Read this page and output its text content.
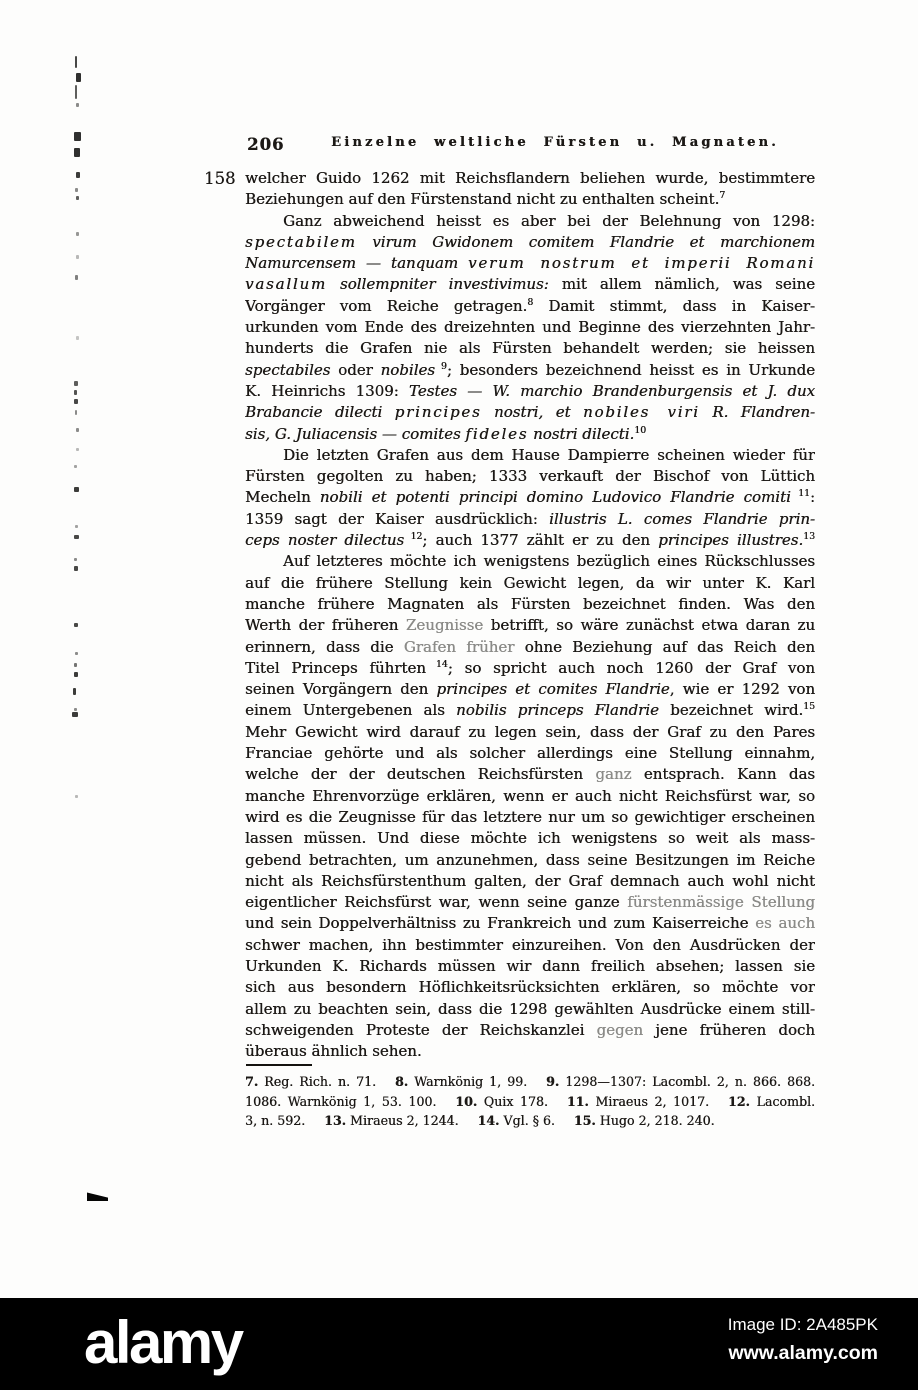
206	Einzelne weltliche Fürsten u. Magnaten.
158 welcher Guido 1262 mit Reichsflandern beliehen wurde, bestimmtere
Beziehungen auf den Fürstenstand nicht zu enthalten scheint.$^7$
Ganz abweichend heisst es aber bei der Belehnung von 1298:
spectabilem virum Gwidonem comitem Flandrie et marchionem
Namurcensem — tanquam verum nostrum et imperii Romani
vasallum sollempniter investivimus: mit allem nämlich, was seine
Vorgänger vom Reiche getragen.$^8$ Damit stimmt, dass in Kaiser-
urkunden vom Ende des dreizehnten und Beginne des vierzehnten Jahr-
hunderts die Grafen nie als Fürsten behandelt werden; sie heissen
spectabiles oder nobiles $^9$; besonders bezeichnend heisst es in Urkunde
K. Heinrichs 1309: Testes — W. marchio Brandenburgensis et J. dux
Brabancie dilecti principes nostri, et nobiles viri R. Flandren-
sis, G. Juliacensis — comites fideles nostri dilecti.$^{10}$
Die letzten Grafen aus dem Hause Dampierre scheinen wieder für
Fürsten gegolten zu haben; 1333 verkauft der Bischof von Lüttich
Mecheln nobili et potenti principi domino Ludovico Flandrie comiti $^{11}$:
1359 sagt der Kaiser ausdrücklich: illustris L. comes Flandrie prin-
ceps noster dilectus $^{12}$; auch 1377 zählt er zu den principes illustres.$^{13}$
Auf letzteres möchte ich wenigstens bezüglich eines Rückschlusses
auf die frühere Stellung kein Gewicht legen, da wir unter K. Karl
manche frühere Magnaten als Fürsten bezeichnet finden. Was den
Werth der früheren Zeugnisse betrifft, so wäre zunächst etwa daran zu
erinnern, dass die Grafen früher ohne Beziehung auf das Reich den
Titel Princeps führten $^{14}$; so spricht auch noch 1260 der Graf von
seinen Vorgängern den principes et comites Flandrie, wie er 1292 von
einem Untergebenen als nobilis princeps Flandrie bezeichnet wird.$^{15}$
Mehr Gewicht wird darauf zu legen sein, dass der Graf zu den Pares
Franciae gehörte und als solcher allerdings eine Stellung einnahm,
welche der der deutschen Reichsfürsten ganz entsprach. Kann das
manche Ehrenvorzüge erklären, wenn er auch nicht Reichsfürst war, so
wird es die Zeugnisse für das letztere nur um so gewichtiger erscheinen
lassen müssen. Und diese möchte ich wenigstens so weit als mass-
gebend betrachten, um anzunehmen, dass seine Besitzungen im Reiche
nicht als Reichsfürstenthum galten, der Graf demnach auch wohl nicht
eigentlicher Reichsfürst war, wenn seine ganze fürstenmässige Stellung
und sein Doppelverhältniss zu Frankreich und zum Kaiserreiche es auch
schwer machen, ihn bestimmter einzureihen. Von den Ausdrücken der
Urkunden K. Richards müssen wir dann freilich absehen; lassen sie
sich aus besondern Höflichkeitsrücksichten erklären, so möchte vor
allem zu beachten sein, dass die 1298 gewählten Ausdrücke einem still-
schweigenden Proteste der Reichskanzlei gegen jene früheren doch
überaus ähnlich sehen.
7. Reg. Rich. n. 71.  8. Warnkönig 1, 99.  9. 1298—1307: Lacombl. 2, n. 866. 868.
1086. Warnkönig 1, 53. 100.  10. Quix 178.  11. Miraeus 2, 1017.  12. Lacombl.
3, n. 592.  13. Miraeus 2, 1244.  14. Vgl. § 6.  15. Hugo 2, 218. 240.
alamy	Image ID: 2A485PK
www.alamy.com
